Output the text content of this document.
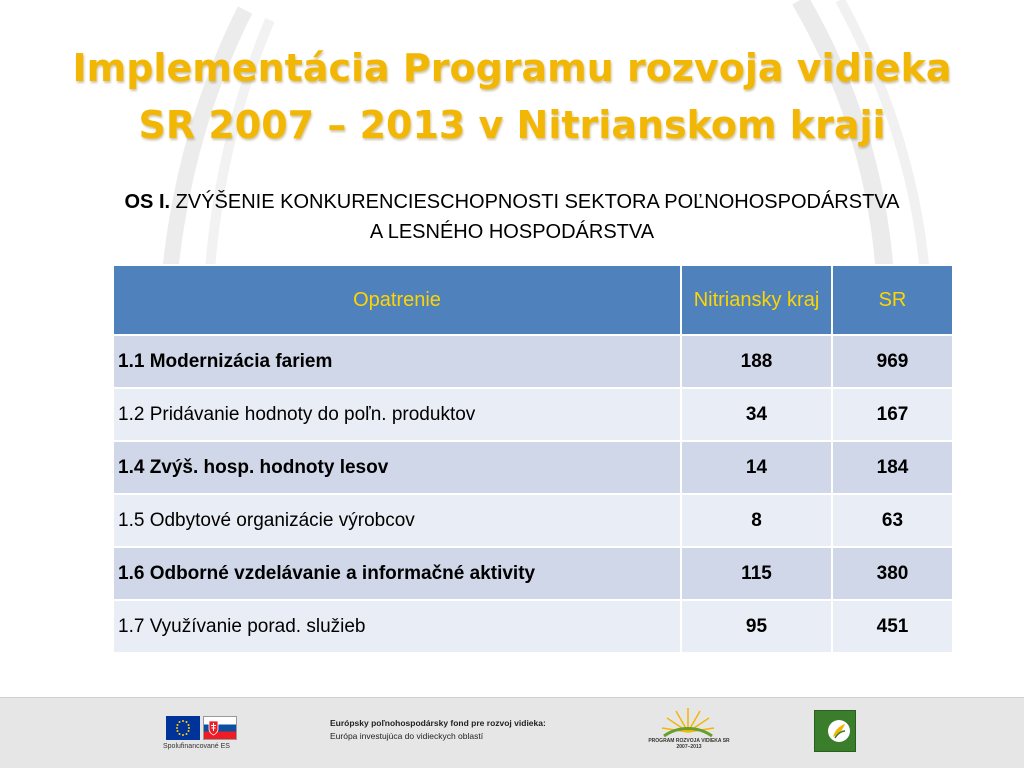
Implementácia Programu rozvoja vidieka
SR 2007 – 2013 v Nitrianskom kraji
OS I. ZVÝŠENIE KONKURENCIESCHOPNOSTI SEKTORA POĽNOHOSPODÁRSTVA
A LESNÉHO HOSPODÁRSTVA
Opatrenie	Nitriansky kraj	SR
1.1 Modernizácia fariem	188	969
1.2 Pridávanie hodnoty do poľn. produktov	34	167
1.4 Zvýš. hosp. hodnoty lesov	14	184
1.5 Odbytové organizácie výrobcov	8	63
1.6 Odborné vzdelávanie a informačné aktivity	115	380
1.7 Využívanie porad. služieb	95	451
Spolufinancované ES
Európsky poľnohospodársky fond pre rozvoj vidieka:
Európa investujúca do vidieckych oblastí	PROGRAM ROZVOJA VIDIEKA SR 2007–2013
